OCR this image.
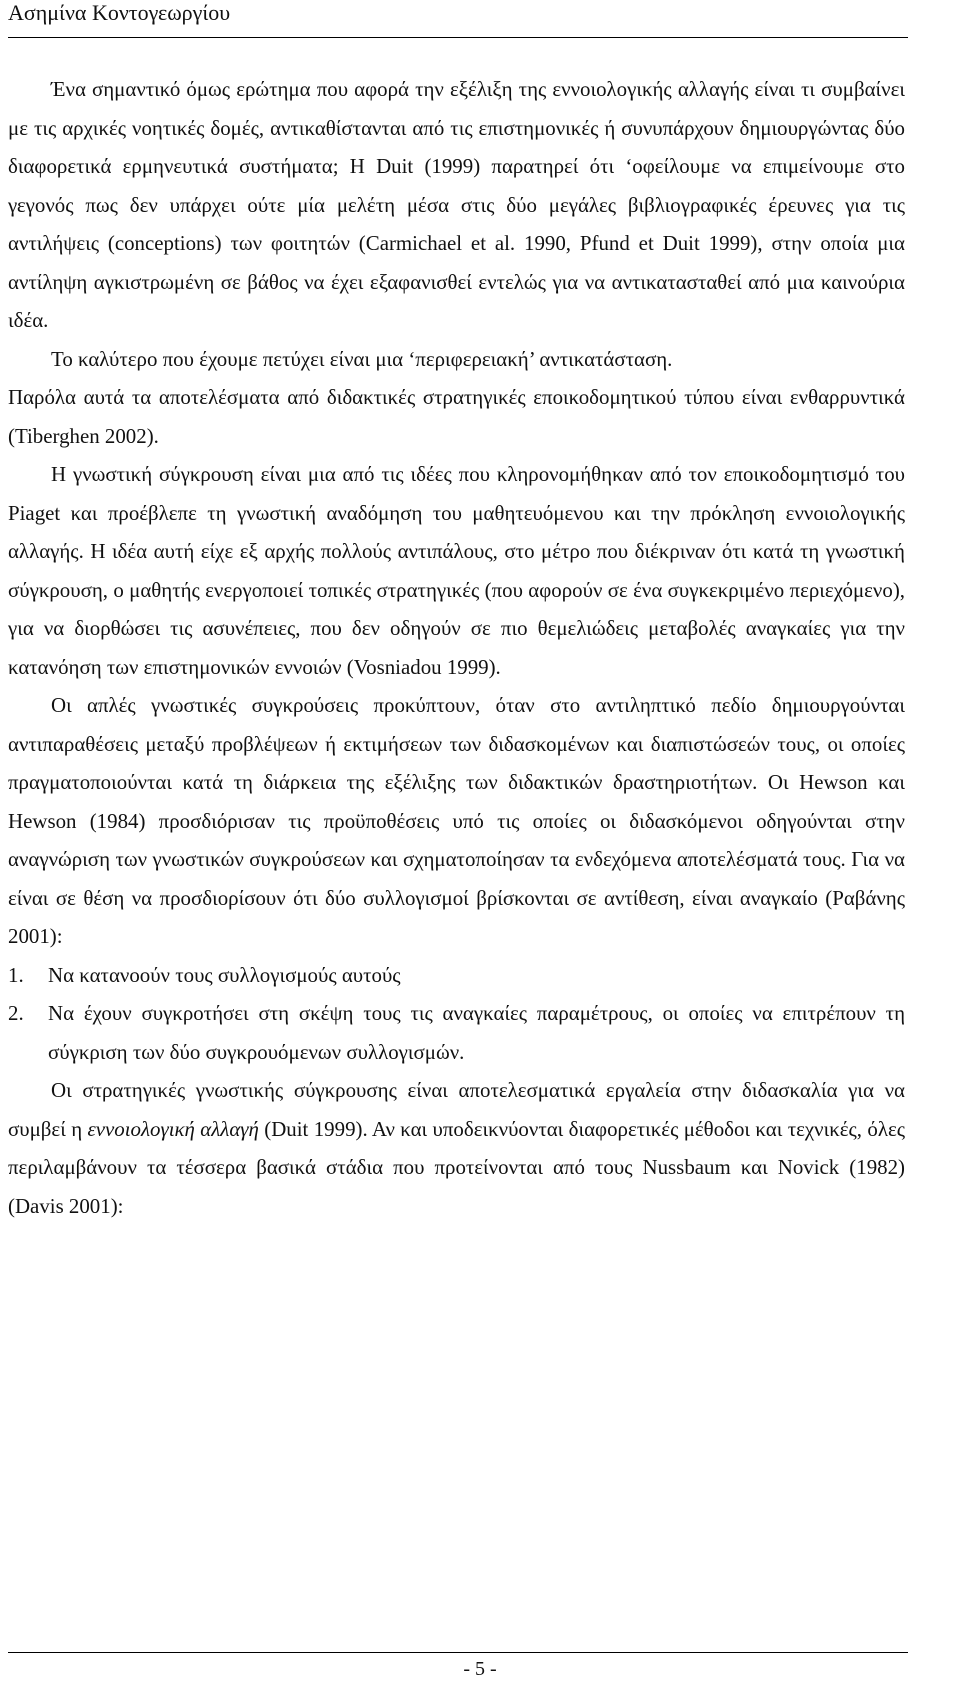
Ασημίνα Κοντογεωργίου

Ένα σημαντικό όμως ερώτημα που αφορά την εξέλιξη της εννοιολογικής αλλαγής είναι τι συμβαίνει με τις αρχικές νοητικές δομές, αντικαθίστανται από τις επιστημονικές ή συνυπάρχουν δημιουργώντας δύο διαφορετικά ερμηνευτικά συστήματα; Η Duit (1999) παρατηρεί ότι ‘οφείλουμε να επιμείνουμε στο γεγονός πως δεν υπάρχει ούτε μία μελέτη μέσα στις δύο μεγάλες βιβλιογραφικές έρευνες για τις αντιλήψεις (conceptions) των φοιτητών (Carmichael et al. 1990, Pfund et Duit 1999), στην οποία μια αντίληψη αγκιστρωμένη σε βάθος να έχει εξαφανισθεί εντελώς για να αντικατασταθεί από μια καινούρια ιδέα.

Το καλύτερο που έχουμε πετύχει είναι μια ‘περιφερειακή’ αντικατάσταση.

Παρόλα αυτά τα αποτελέσματα από διδακτικές στρατηγικές εποικοδομητικού τύπου είναι ενθαρρυντικά (Tiberghen 2002).

Η γνωστική σύγκρουση είναι μια από τις ιδέες που κληρονομήθηκαν από τον εποικοδομητισμό του Piaget και προέβλεπε τη γνωστική αναδόμηση του μαθητευόμενου και την πρόκληση εννοιολογικής αλλαγής. Η ιδέα αυτή είχε εξ αρχής πολλούς αντιπάλους, στο μέτρο που διέκριναν ότι κατά τη γνωστική σύγκρουση, ο μαθητής ενεργοποιεί τοπικές στρατηγικές (που αφορούν σε ένα συγκεκριμένο περιεχόμενο), για να διορθώσει τις ασυνέπειες, που δεν οδηγούν σε πιο θεμελιώδεις μεταβολές αναγκαίες για την κατανόηση των επιστημονικών εννοιών (Vosniadou 1999).

Οι απλές γνωστικές συγκρούσεις προκύπτουν, όταν στο αντιληπτικό πεδίο δημιουργούνται αντιπαραθέσεις μεταξύ προβλέψεων ή εκτιμήσεων των διδασκομένων και διαπιστώσεών τους, οι οποίες πραγματοποιούνται κατά τη διάρκεια της εξέλιξης των διδακτικών δραστηριοτήτων. Οι Hewson και Hewson (1984) προσδιόρισαν τις προϋποθέσεις υπό τις οποίες οι διδασκόμενοι οδηγούνται στην αναγνώριση των γνωστικών συγκρούσεων και σχηματοποίησαν τα ενδεχόμενα αποτελέσματά τους. Για να είναι σε θέση να προσδιορίσουν ότι δύο συλλογισμοί βρίσκονται σε αντίθεση, είναι αναγκαίο (Ραβάνης 2001):

1. Να κατανοούν τους συλλογισμούς αυτούς
2. Να έχουν συγκροτήσει στη σκέψη τους τις αναγκαίες παραμέτρους, οι οποίες να επιτρέπουν τη σύγκριση των δύο συγκρουόμενων συλλογισμών.

Οι στρατηγικές γνωστικής σύγκρουσης είναι αποτελεσματικά εργαλεία στην διδασκαλία για να συμβεί η εννοιολογική αλλαγή (Duit 1999). Αν και υποδεικνύονται διαφορετικές μέθοδοι και τεχνικές, όλες περιλαμβάνουν τα τέσσερα βασικά στάδια που προτείνονται από τους Nussbaum και Novick (1982) (Davis 2001):

- 5 -
